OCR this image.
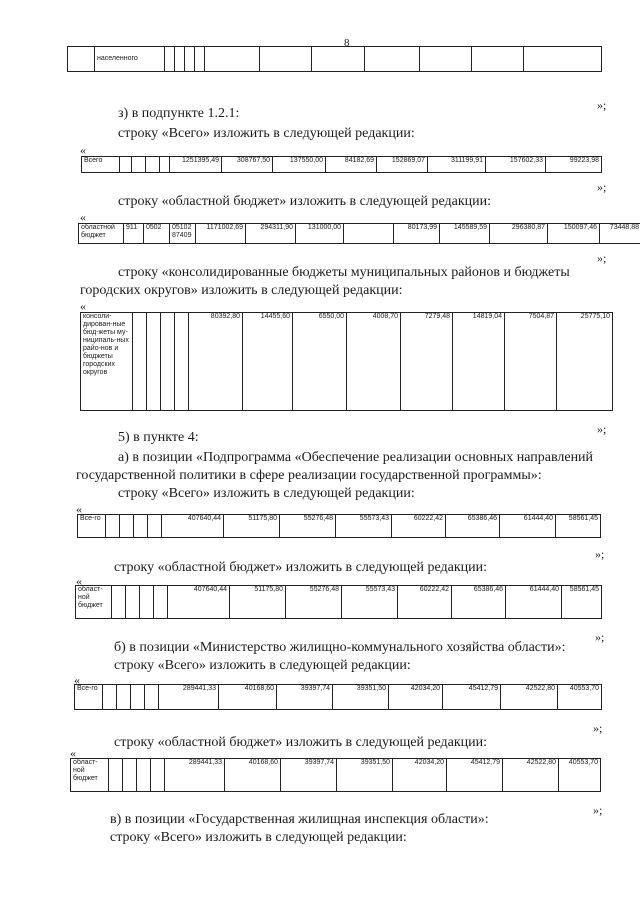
8
	населенного											
»;
з) в подпункте 1.2.1:
строку «Всего» изложить в следующей редакции:
«
Всего					1251395,49	308767,50	137550,00	84182,69	152869,07	311199,91	157602,33	99223,98
»;
строку «областной бюджет» изложить в следующей редакции:
«
областной бюджет	911	0502	05102 87409	1171002,69	294311,90	131000,00		80173,99	145589,59	296380,87	150097,46	73448,88
»;
строку «консолидированные бюджеты муниципальных районов и бюджеты
городских округов» изложить в следующей редакции:
«
консоли-дирован-ные бюд-жеты му-ниципаль-ных райо-нов и бюджеты городских округов					80392,80	14455,60	6550,00	4008,70	7279,48	14819,04	7504,87	25775,10
»;
5) в пункте 4:
а) в позиции «Подпрограмма «Обеспечение реализации основных направлений
государственной политики в сфере реализации государственной программы»:
строку «Всего» изложить в следующей редакции:
«
Все-го					407640,44	51175,80	55276,48	55573,43	60222,42	65386,46	61444,40	58561,45
»;
строку «областной бюджет» изложить в следующей редакции:
«
област-ной бюджет					407640,44	51175,80	55276,48	55573,43	60222,42	65386,46	61444,40	58561,45
»;
б) в позиции «Министерство жилищно-коммунального хозяйства области»:
строку «Всего» изложить в следующей редакции:
«
Все-го					289441,33	40168,60	39397,74	39351,50	42034,20	45412,79	42522,80	40553,70
»;
строку «областной бюджет» изложить в следующей редакции:
«
област-ной бюджет					289441,33	40168,60	39397,74	39351,50	42034,20	45412,79	42522,80	40553,70
»;
в) в позиции «Государственная жилищная инспекция области»:
строку «Всего» изложить в следующей редакции:
